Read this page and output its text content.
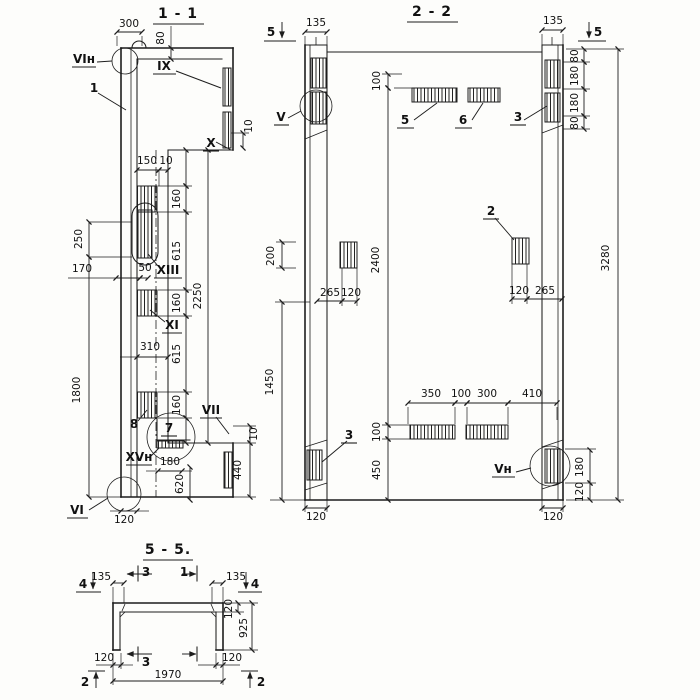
1 - 1
300
80
10
150 10
160
615
160
615
160
2250
250
1800
170	50
310
180
620
10
440
120
VIн
1
IX
X
XIII
XI
8 7
VII
XVн
VI
2 - 2
5	5
135	135
80
180
180
80
3280
100
2400
100
450
200
1450
265 120	120 265
350 100 300 410
180
120
120	120
V	5	6
2
3
3
Vн
5 - 5.
4	4
3 1
3
2	2
135	135
120
925
120	120
1970
